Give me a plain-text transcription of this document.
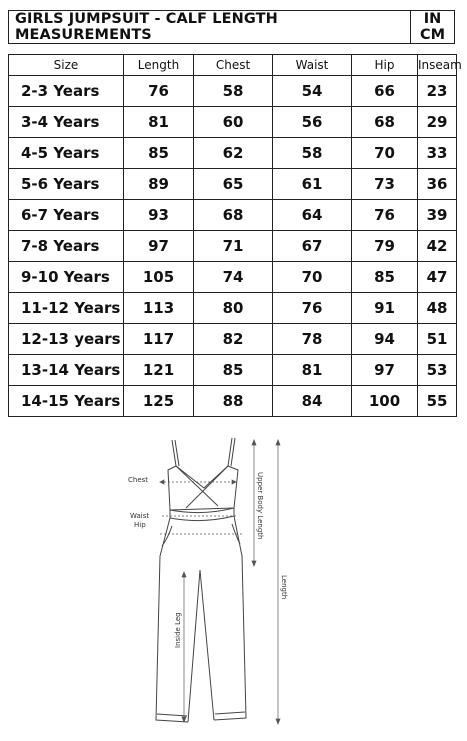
GIRLS JUMPSUIT - CALF LENGTH MEASUREMENTS	IN CM
Size	Length	Chest	Waist	Hip	Inseam
2-3 Years	76	58	54	66	23
3-4 Years	81	60	56	68	29
4-5 Years	85	62	58	70	33
5-6 Years	89	65	61	73	36
6-7 Years	93	68	64	76	39
7-8 Years	97	71	67	79	42
9-10 Years	105	74	70	85	47
11-12 Years	113	80	76	91	48
12-13 years	117	82	78	94	51
13-14 Years	121	85	81	97	53
14-15 Years	125	88	84	100	55
Chest
Waist
Hip	Upper Body Length
Length
Inside Leg
